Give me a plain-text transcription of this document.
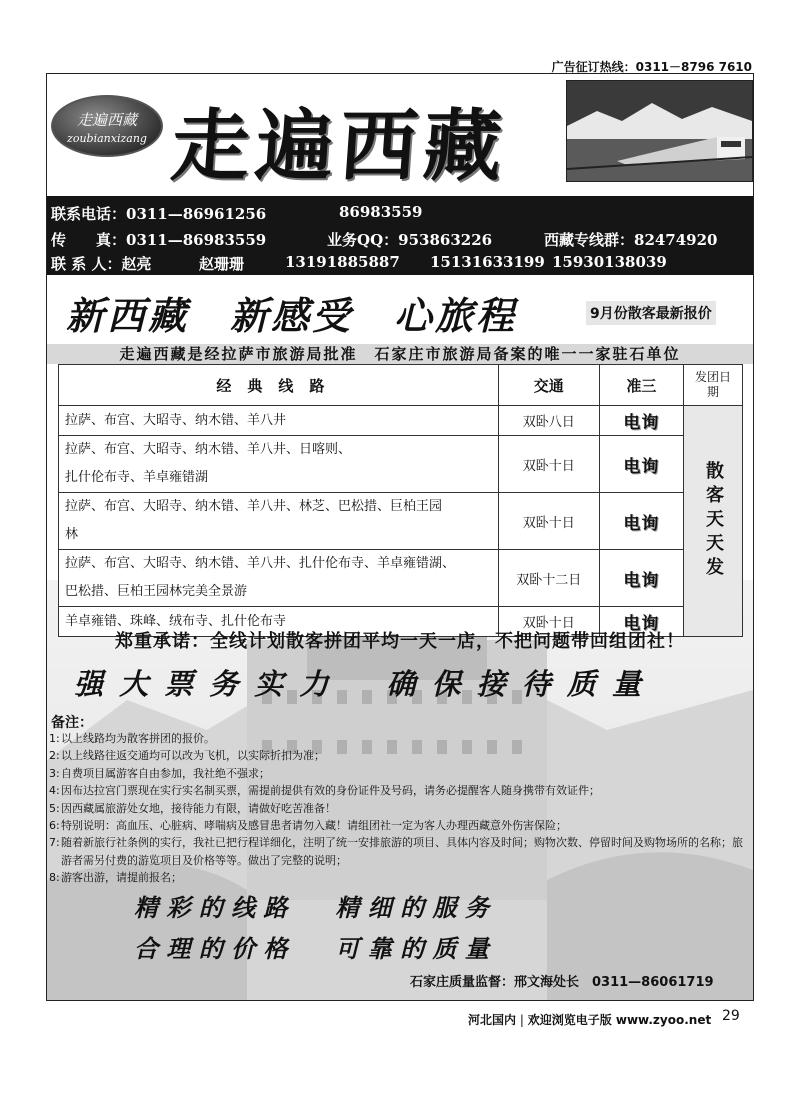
广告征订热线：0311－8796 7610
走遍西藏
zoubianxizang 走遍西藏
联系电话：0311—86961256	86983559
传　　真：0311—86983559	业务QQ：953863226	西藏专线群：82474920
联 系 人：赵亮	赵珊珊	13191885887 15131633199 15930138039
新西藏　新感受　心旅程	9月份散客最新报价
走遍西藏是经拉萨市旅游局批准　石家庄市旅游局备案的唯一一家驻石单位
经典线路	交通	准三	发团日期
拉萨、布宫、大昭寺、纳木错、羊八井	双卧八日	电询	散客天天发

拉萨、布宫、大昭寺、纳木错、羊八井、日喀则、
扎什伦布寺、羊卓雍错湖	双卧十日	电询	

拉萨、布宫、大昭寺、纳木错、羊八井、林芝、巴松措、巨柏王园
林	双卧十日	电询	

拉萨、布宫、大昭寺、纳木错、羊八井、扎什伦布寺、羊卓雍错湖、
巴松措、巨柏王园林完美全景游	双卧十二日	电询	
羊卓雍错、珠峰、绒布寺、扎什伦布寺	双卧十日	电询	
郑重承诺：全线计划散客拼团平均一天一店，不把问题带回组团社！
强 大 票 务 实 力　　确 保 接 待 质 量
备注：
1: 以上线路均为散客拼团的报价。
2: 以上线路往返交通均可以改为飞机，以实际折扣为准；
3: 自费项目属游客自由参加，我社绝不强求；
4: 因布达拉宫门票现在实行实名制买票，需提前提供有效的身份证件及号码，请务必提醒客人随身携带有效证件；
5: 因西藏属旅游处女地，接待能力有限，请做好吃苦准备！
6: 特别说明：高血压、心脏病、哮喘病及感冒患者请勿入藏！请组团社一定为客人办理西藏意外伤害保险；
7: 随着新旅行社条例的实行，我社已把行程详细化，注明了统一安排旅游的项目、具体内容及时间；购物次数、停留时间及购物场所的名称；旅游者需另付费的游览项目及价格等等。做出了完整的说明；
8: 游客出游，请提前报名；
精 彩 的 线 路　　精 细 的 服 务
合 理 的 价 格　　可 靠 的 质 量
石家庄质量监督：邢文海处长　0311—86061719
河北国内 | 欢迎浏览电子版 www.zyoo.net 29
